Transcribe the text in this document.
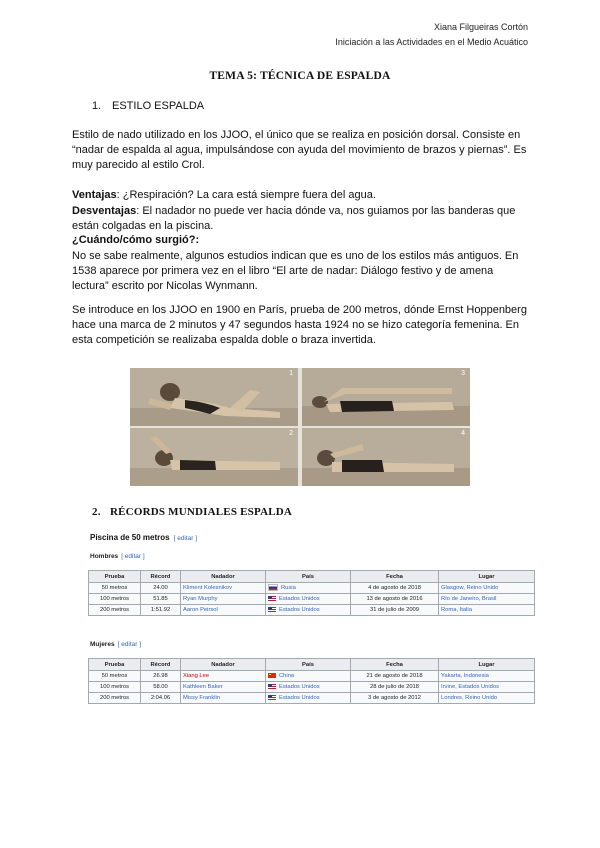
Xiana Filgueiras Cortón
Iniciación a las Actividades en el Medio Acuático
TEMA 5: TÉCNICA DE ESPALDA
1. ESTILO ESPALDA
Estilo de nado utilizado en los JJOO, el único que se realiza en posición dorsal. Consiste en “nadar de espalda al agua, impulsándose con ayuda del movimiento de brazos y piernas”. Es muy parecido al estilo Crol.
Ventajas: ¿Respiración? La cara está siempre fuera del agua.
Desventajas: El nadador no puede ver hacia dónde va, nos guiamos por las banderas que están colgadas en la piscina.
¿Cuándo/cómo surgió?:
No se sabe realmente, algunos estudios indican que es uno de los estilos más antiguos. En 1538 aparece por primera vez en el libro “El arte de nadar: Diálogo festivo y de amena lectura” escrito por Nicolas Wynmann.
Se introduce en los JJOO en 1900 en París, prueba de 200 metros, dónde Ernst Hoppenberg hace una marca de 2 minutos y 47 segundos hasta 1924 no se hizo categoría femenina. En esta competición se realizaba espalda doble o braza invertida.
1	3
2	4
2. RÉCORDS MUNDIALES ESPALDA
Piscina de 50 metros [ editar ]
Hombres [ editar ]
Prueba	Récord	Nadador	País	Fecha	Lugar
50 metros	24.00	Kliment Kolesnikov	Rusia	4 de agosto de 2018	Glasgow, Reino Unido
100 metros	51.85	Ryan Murphy	Estados Unidos	13 de agosto de 2016	Río de Janeiro, Brasil
200 metros	1:51.92	Aaron Peirsol	Estados Unidos	31 de julio de 2009	Roma, Italia
Mujeres [ editar ]
Prueba	Récord	Nadador	País	Fecha	Lugar
50 metros	26.98	Xiang Lee	China	21 de agosto de 2018	Yakarta, Indonesia
100 metros	58.00	Kathleen Baker	Estados Unidos	28 de julio de 2018	Irvine, Estados Unidos
200 metros	2:04.06	Missy Franklin	Estados Unidos	3 de agosto de 2012	Londres, Reino Unido
